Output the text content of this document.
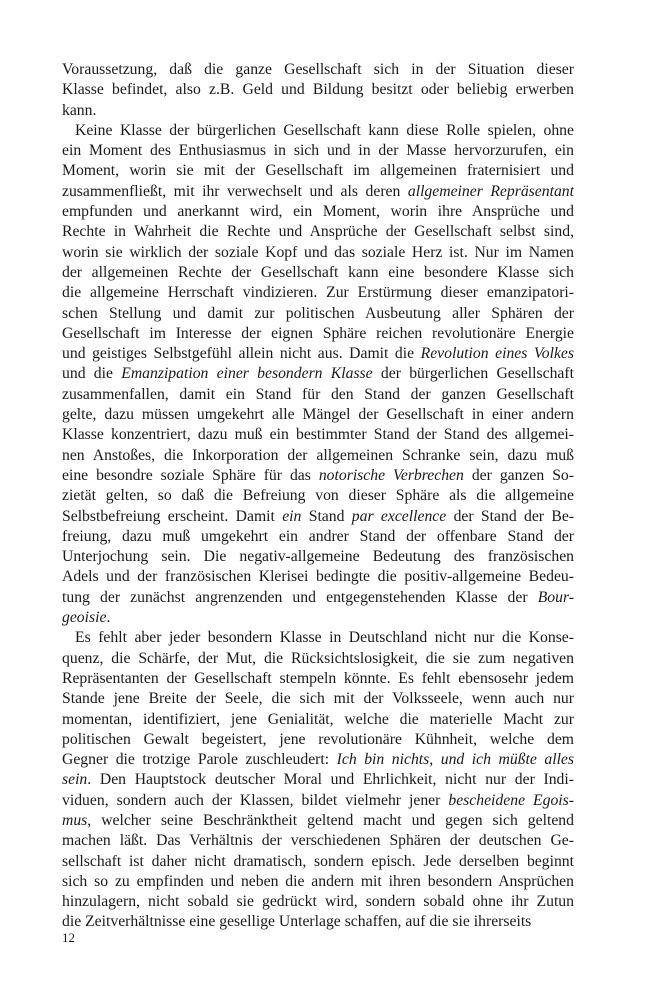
Voraussetzung, daß die ganze Gesellschaft sich in der Situation dieser
Klasse befindet, also z.B. Geld und Bildung besitzt oder beliebig erwerben
kann.
Keine Klasse der bürgerlichen Gesellschaft kann diese Rolle spielen, ohne
ein Moment des Enthusiasmus in sich und in der Masse hervorzurufen, ein
Moment, worin sie mit der Gesellschaft im allgemeinen fraternisiert und
zusammenfließt, mit ihr verwechselt und als deren allgemeiner Repräsentant
empfunden und anerkannt wird, ein Moment, worin ihre Ansprüche und
Rechte in Wahrheit die Rechte und Ansprüche der Gesellschaft selbst sind,
worin sie wirklich der soziale Kopf und das soziale Herz ist. Nur im Namen
der allgemeinen Rechte der Gesellschaft kann eine besondere Klasse sich
die allgemeine Herrschaft vindizieren. Zur Erstürmung dieser emanzipatori-
schen Stellung und damit zur politischen Ausbeutung aller Sphären der
Gesellschaft im Interesse der eignen Sphäre reichen revolutionäre Energie
und geistiges Selbstgefühl allein nicht aus. Damit die Revolution eines Volkes
und die Emanzipation einer besondern Klasse der bürgerlichen Gesellschaft
zusammenfallen, damit ein Stand für den Stand der ganzen Gesellschaft
gelte, dazu müssen umgekehrt alle Mängel der Gesellschaft in einer andern
Klasse konzentriert, dazu muß ein bestimmter Stand der Stand des allgemei-
nen Anstoßes, die Inkorporation der allgemeinen Schranke sein, dazu muß
eine besondre soziale Sphäre für das notorische Verbrechen der ganzen So-
zietät gelten, so daß die Befreiung von dieser Sphäre als die allgemeine
Selbstbefreiung erscheint. Damit ein Stand par excellence der Stand der Be-
freiung, dazu muß umgekehrt ein andrer Stand der offenbare Stand der
Unterjochung sein. Die negativ-allgemeine Bedeutung des französischen
Adels und der französischen Klerisei bedingte die positiv-allgemeine Bedeu-
tung der zunächst angrenzenden und entgegenstehenden Klasse der Bour-
geoisie.
Es fehlt aber jeder besondern Klasse in Deutschland nicht nur die Konse-
quenz, die Schärfe, der Mut, die Rücksichtslosigkeit, die sie zum negativen
Repräsentanten der Gesellschaft stempeln könnte. Es fehlt ebensosehr jedem
Stande jene Breite der Seele, die sich mit der Volksseele, wenn auch nur
momentan, identifiziert, jene Genialität, welche die materielle Macht zur
politischen Gewalt begeistert, jene revolutionäre Kühnheit, welche dem
Gegner die trotzige Parole zuschleudert: Ich bin nichts, und ich müßte alles
sein. Den Hauptstock deutscher Moral und Ehrlichkeit, nicht nur der Indi-
viduen, sondern auch der Klassen, bildet vielmehr jener bescheidene Egois-
mus, welcher seine Beschränktheit geltend macht und gegen sich geltend
machen läßt. Das Verhältnis der verschiedenen Sphären der deutschen Ge-
sellschaft ist daher nicht dramatisch, sondern episch. Jede derselben beginnt
sich so zu empfinden und neben die andern mit ihren besondern Ansprüchen
hinzulagern, nicht sobald sie gedrückt wird, sondern sobald ohne ihr Zutun
die Zeitverhältnisse eine gesellige Unterlage schaffen, auf die sie ihrerseits
12
